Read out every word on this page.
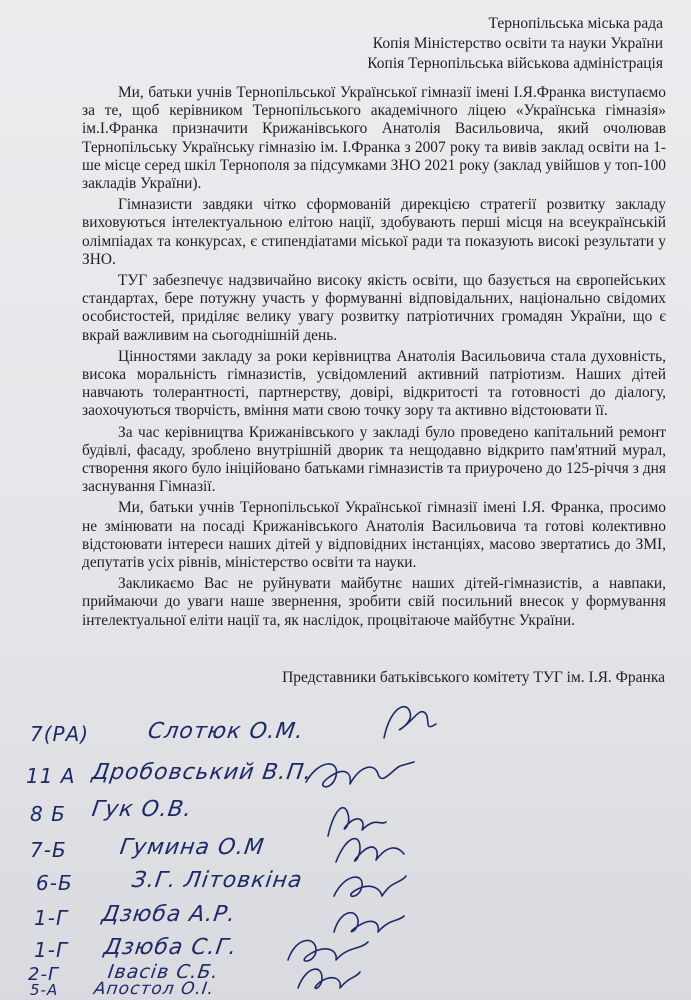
Тернопільська міська рада
Копія Міністерство освіти та науки України
Копія Тернопільська військова адміністрація

Ми, батьки учнів Тернопільської Української гімназії імені І.Я.Франка виступаємо за те, щоб керівником Тернопільського академічного ліцею «Українська гімназія» ім.І.Франка призначити Крижанівського Анатолія Васильовича, який очолював Тернопільську Українську гімназію ім. І.Франка з 2007 року та вивів заклад освіти на 1-ше місце серед шкіл Тернополя за підсумками ЗНО 2021 року (заклад увійшов у топ-100 закладів України).

Гімназисти завдяки чітко сформованій дирекцією стратегії розвитку закладу виховуються інтелектуальною елітою нації, здобувають перші місця на всеукраїнській олімпіадах та конкурсах, є стипендіатами міської ради та показують високі результати у ЗНО.

ТУГ забезпечує надзвичайно високу якість освіти, що базується на європейських стандартах, бере потужну участь у формуванні відповідальних, національно свідомих особистостей, приділяє велику увагу розвитку патріотичних громадян України, що є вкрай важливим на сьогоднішній день.

Цінностями закладу за роки керівництва Анатолія Васильовича стала духовність, висока моральність гімназистів, усвідомлений активний патріотизм. Наших дітей навчають толерантності, партнерству, довірі, відкритості та готовності до діалогу, заохочуються творчість, вміння мати свою точку зору та активно відстоювати її.

За час керівництва Крижанівського у закладі було проведено капітальний ремонт будівлі, фасаду, зроблено внутрішній дворик та нещодавно відкрито пам'ятний мурал, створення якого було ініційовано батьками гімназистів та приурочено до 125-річчя з дня заснування Гімназії.

Ми, батьки учнів Тернопільської Української гімназії імені І.Я. Франка, просимо не змінювати на посаді Крижанівського Анатолія Васильовича та готові колективно відстоювати інтереси наших дітей у відповідних інстанціях, масово звертатись до ЗМІ, депутатів усіх рівнів, міністерство освіти та науки.

Закликаємо Вас не руйнувати майбутнє наших дітей-гімназистів, а навпаки, приймаючи до уваги наше звернення, зробити свій посильний внесок у формування інтелектуальної еліти нації та, як наслідок, процвітаюче майбутнє України.

Представники батьківського комітету ТУГ ім. І.Я. Франка
7(РА)	Слотюк О.М.
11 А Дробовський В.П.
8 Б Гук О.В.
7-Б Гумина О.М
6-Б	З.Г. Літовкіна
1-Г Дзюба А.Р.
1-Г Дзюба С.Г.
2-Г Івасів С.Б.
5-А Апостол О.І.
